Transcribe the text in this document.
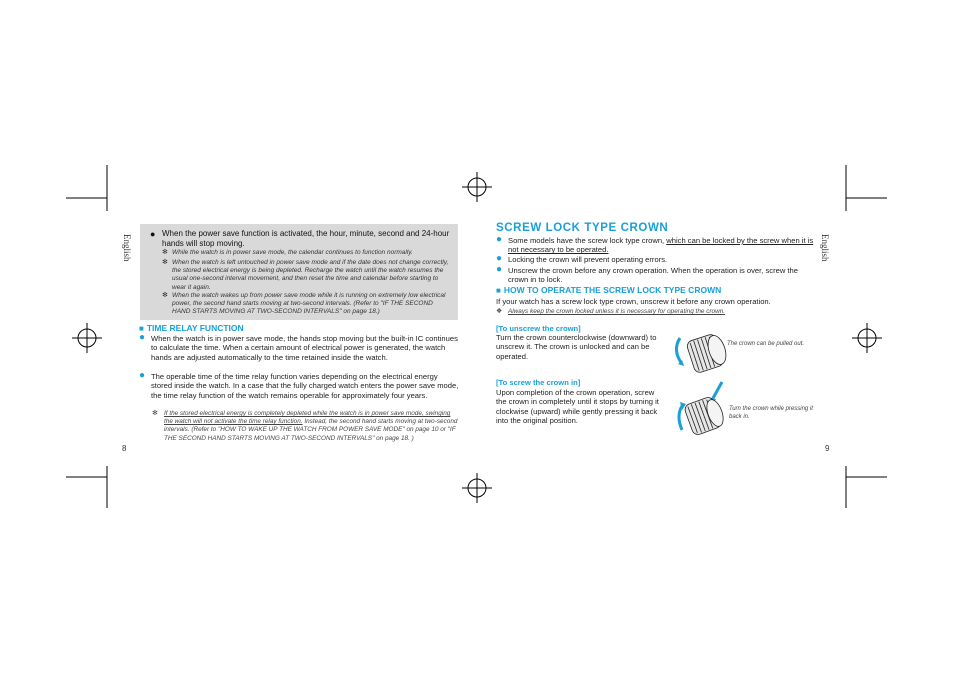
English
8
● When the power save function is activated, the hour, minute, second and 24-hour hands will stop moving.
✻ While the watch is in power save mode, the calendar continues to function normally.
✻ When the watch is left untouched in power save mode and if the date does not change correctly, the stored electrical energy is being depleted. Recharge the watch until the watch resumes the usual one-second interval movement, and then reset the time and calendar before starting to wear it again.
✻ When the watch wakes up from power save mode while it is running on extremely low electrical power, the second hand starts moving at two-second intervals. (Refer to "IF THE SECOND HAND STARTS MOVING AT TWO-SECOND INTERVALS" on page 18.)
■ TIME RELAY FUNCTION
● When the watch is in power save mode, the hands stop moving but the built-in IC continues to calculate the time. When a certain amount of electrical power is generated, the watch hands are adjusted automatically to the time retained inside the watch.
● The operable time of the time relay function varies depending on the electrical energy stored inside the watch. In a case that the fully charged watch enters the power save mode, the time relay function of the watch remains operable for approximately four years.
✻ If the stored electrical energy is completely depleted while the watch is in power save mode, swinging the watch will not activate the time relay function. Instead, the second hand starts moving at two-second intervals. (Refer to "HOW TO WAKE UP THE WATCH FROM POWER SAVE MODE" on page 10 or "IF THE SECOND HAND STARTS MOVING AT TWO-SECOND INTERVALS" on page 18. )
English
9
SCREW LOCK TYPE CROWN
● Some models have the screw lock type crown, which can be locked by the screw when it is not necessary to be operated.
● Locking the crown will prevent operating errors.
● Unscrew the crown before any crown operation. When the operation is over, screw the crown in to lock.
■ HOW TO OPERATE THE SCREW LOCK TYPE CROWN
If your watch has a screw lock type crown, unscrew it before any crown operation.
❖ Always keep the crown locked unless it is necessary for operating the crown.
[To unscrew the crown]
Turn the crown counterclockwise (downward) to unscrew it. The crown is unlocked and can be operated.
The crown can be pulled out.
[To screw the crown in]
Upon completion of the crown operation, screw the crown in completely until it stops by turning it clockwise (upward) while gently pressing it back into the original position.
Turn the crown while pressing it back in.
